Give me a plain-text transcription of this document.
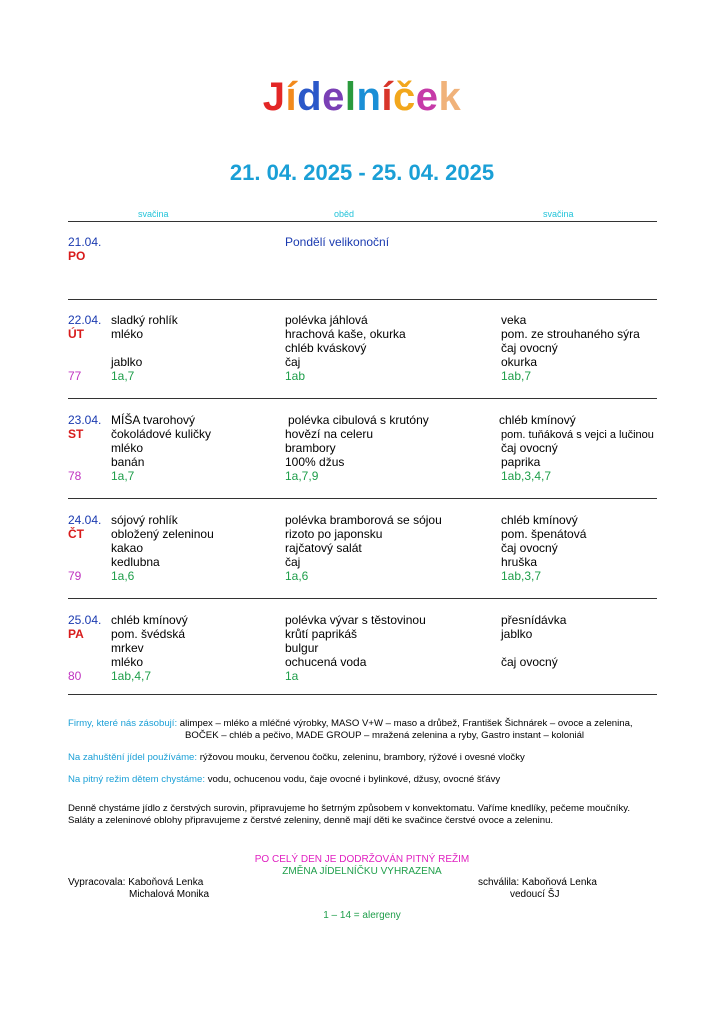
Jídelníček
21. 04. 2025 - 25. 04. 2025
svačina	oběd	svačina
21.04.
PO
Pondělí velikonoční
22.04.
ÚT
77
sladký rohlík
mléko
jablko
1a,7
polévka jáhlová
hrachová kaše, okurka
chléb kváskový
čaj
1ab
veka
pom. ze strouhaného sýra
čaj ovocný
okurka
1ab,7
23.04.
ST
78
MÍŠA tvarohový
čokoládové kuličky
mléko
banán
1a,7
polévka cibulová s krutóny
hovězí na celeru
brambory
100% džus
1a,7,9
chléb kmínový
pom. tuňáková s vejci a lučinou
čaj ovocný
paprika
1ab,3,4,7
24.04.
ČT
79
sójový rohlík
obložený zeleninou
kakao
kedlubna
1a,6
polévka bramborová se sójou
rizoto po japonsku
rajčatový salát
čaj
1a,6
chléb kmínový
pom. špenátová
čaj ovocný
hruška
1ab,3,7
25.04.
PA
80
chléb kmínový
pom. švédská
mrkev
mléko
1ab,4,7
polévka vývar s těstovinou
krůtí paprikáš
bulgur
ochucená voda
1a
přesnídávka
jablko
čaj ovocný
Firmy, které nás zásobují: alimpex – mléko a mléčné výrobky, MASO V+W – maso a drůbež, František Šichnárek – ovoce a zelenina,
BOČEK – chléb a pečivo, MADE GROUP – mražená zelenina a ryby, Gastro instant – koloniál
Na zahuštění jídel používáme: rýžovou mouku, červenou čočku, zeleninu, brambory, rýžové i ovesné vločky
Na pitný režim dětem chystáme: vodu, ochucenou vodu, čaje ovocné i bylinkové, džusy, ovocné šťávy
Denně chystáme jídlo z čerstvých surovin, připravujeme ho šetrným způsobem v konvektomatu. Vaříme knedlíky, pečeme moučníky.
Saláty a zeleninové oblohy připravujeme z čerstvé zeleniny, denně mají děti ke svačince čerstvé ovoce a zeleninu.
PO CELÝ DEN JE DODRŽOVÁN PITNÝ REŽIM
ZMĚNA JÍDELNÍČKU VYHRAZENA
Vypracovala: Kaboňová Lenka
Michalová Monika
schválila: Kaboňová Lenka
vedoucí ŠJ
1 – 14 = alergeny
